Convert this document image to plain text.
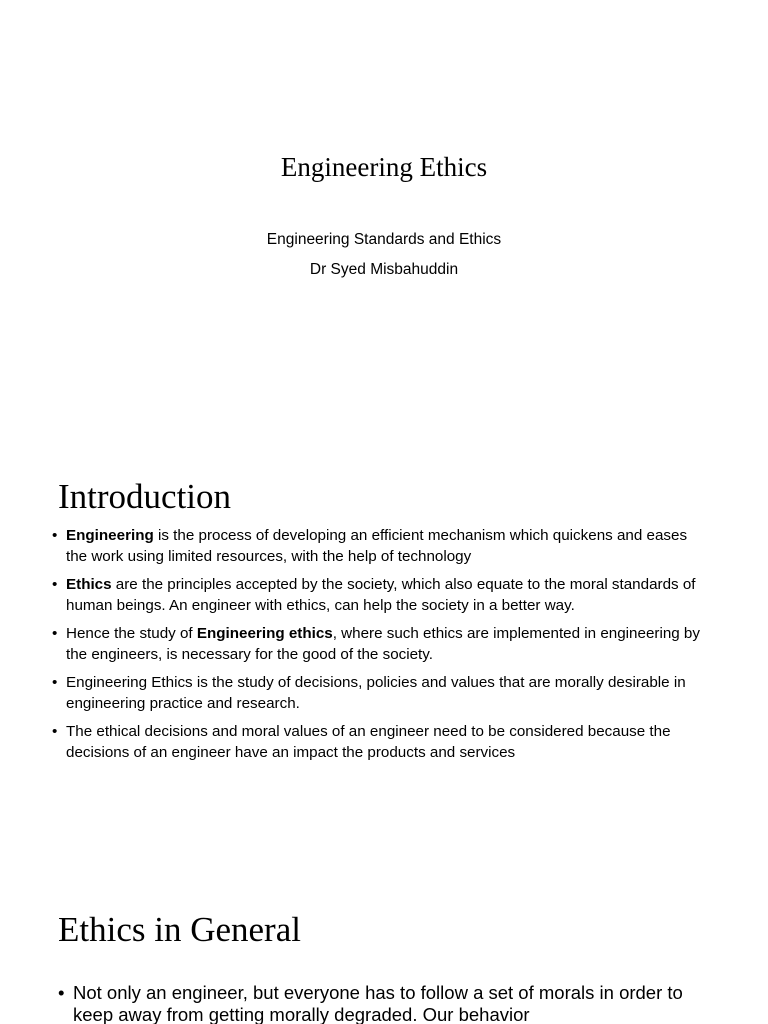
Engineering Ethics
Engineering Standards and Ethics
Dr Syed Misbahuddin
Introduction
• Engineering is the process of developing an efficient mechanism which quickens and eases the work using limited resources, with the help of technology
• Ethics are the principles accepted by the society, which also equate to the moral standards of human beings. An engineer with ethics, can help the society in a better way.
• Hence the study of Engineering ethics, where such ethics are implemented in engineering by the engineers, is necessary for the good of the society.
• Engineering Ethics is the study of decisions, policies and values that are morally desirable in engineering practice and research.
• The ethical decisions and moral values of an engineer need to be considered because the decisions of an engineer have an impact the products and services
Ethics in General
• Not only an engineer, but everyone has to follow a set of morals in order to keep away from getting morally degraded. Our behavior
